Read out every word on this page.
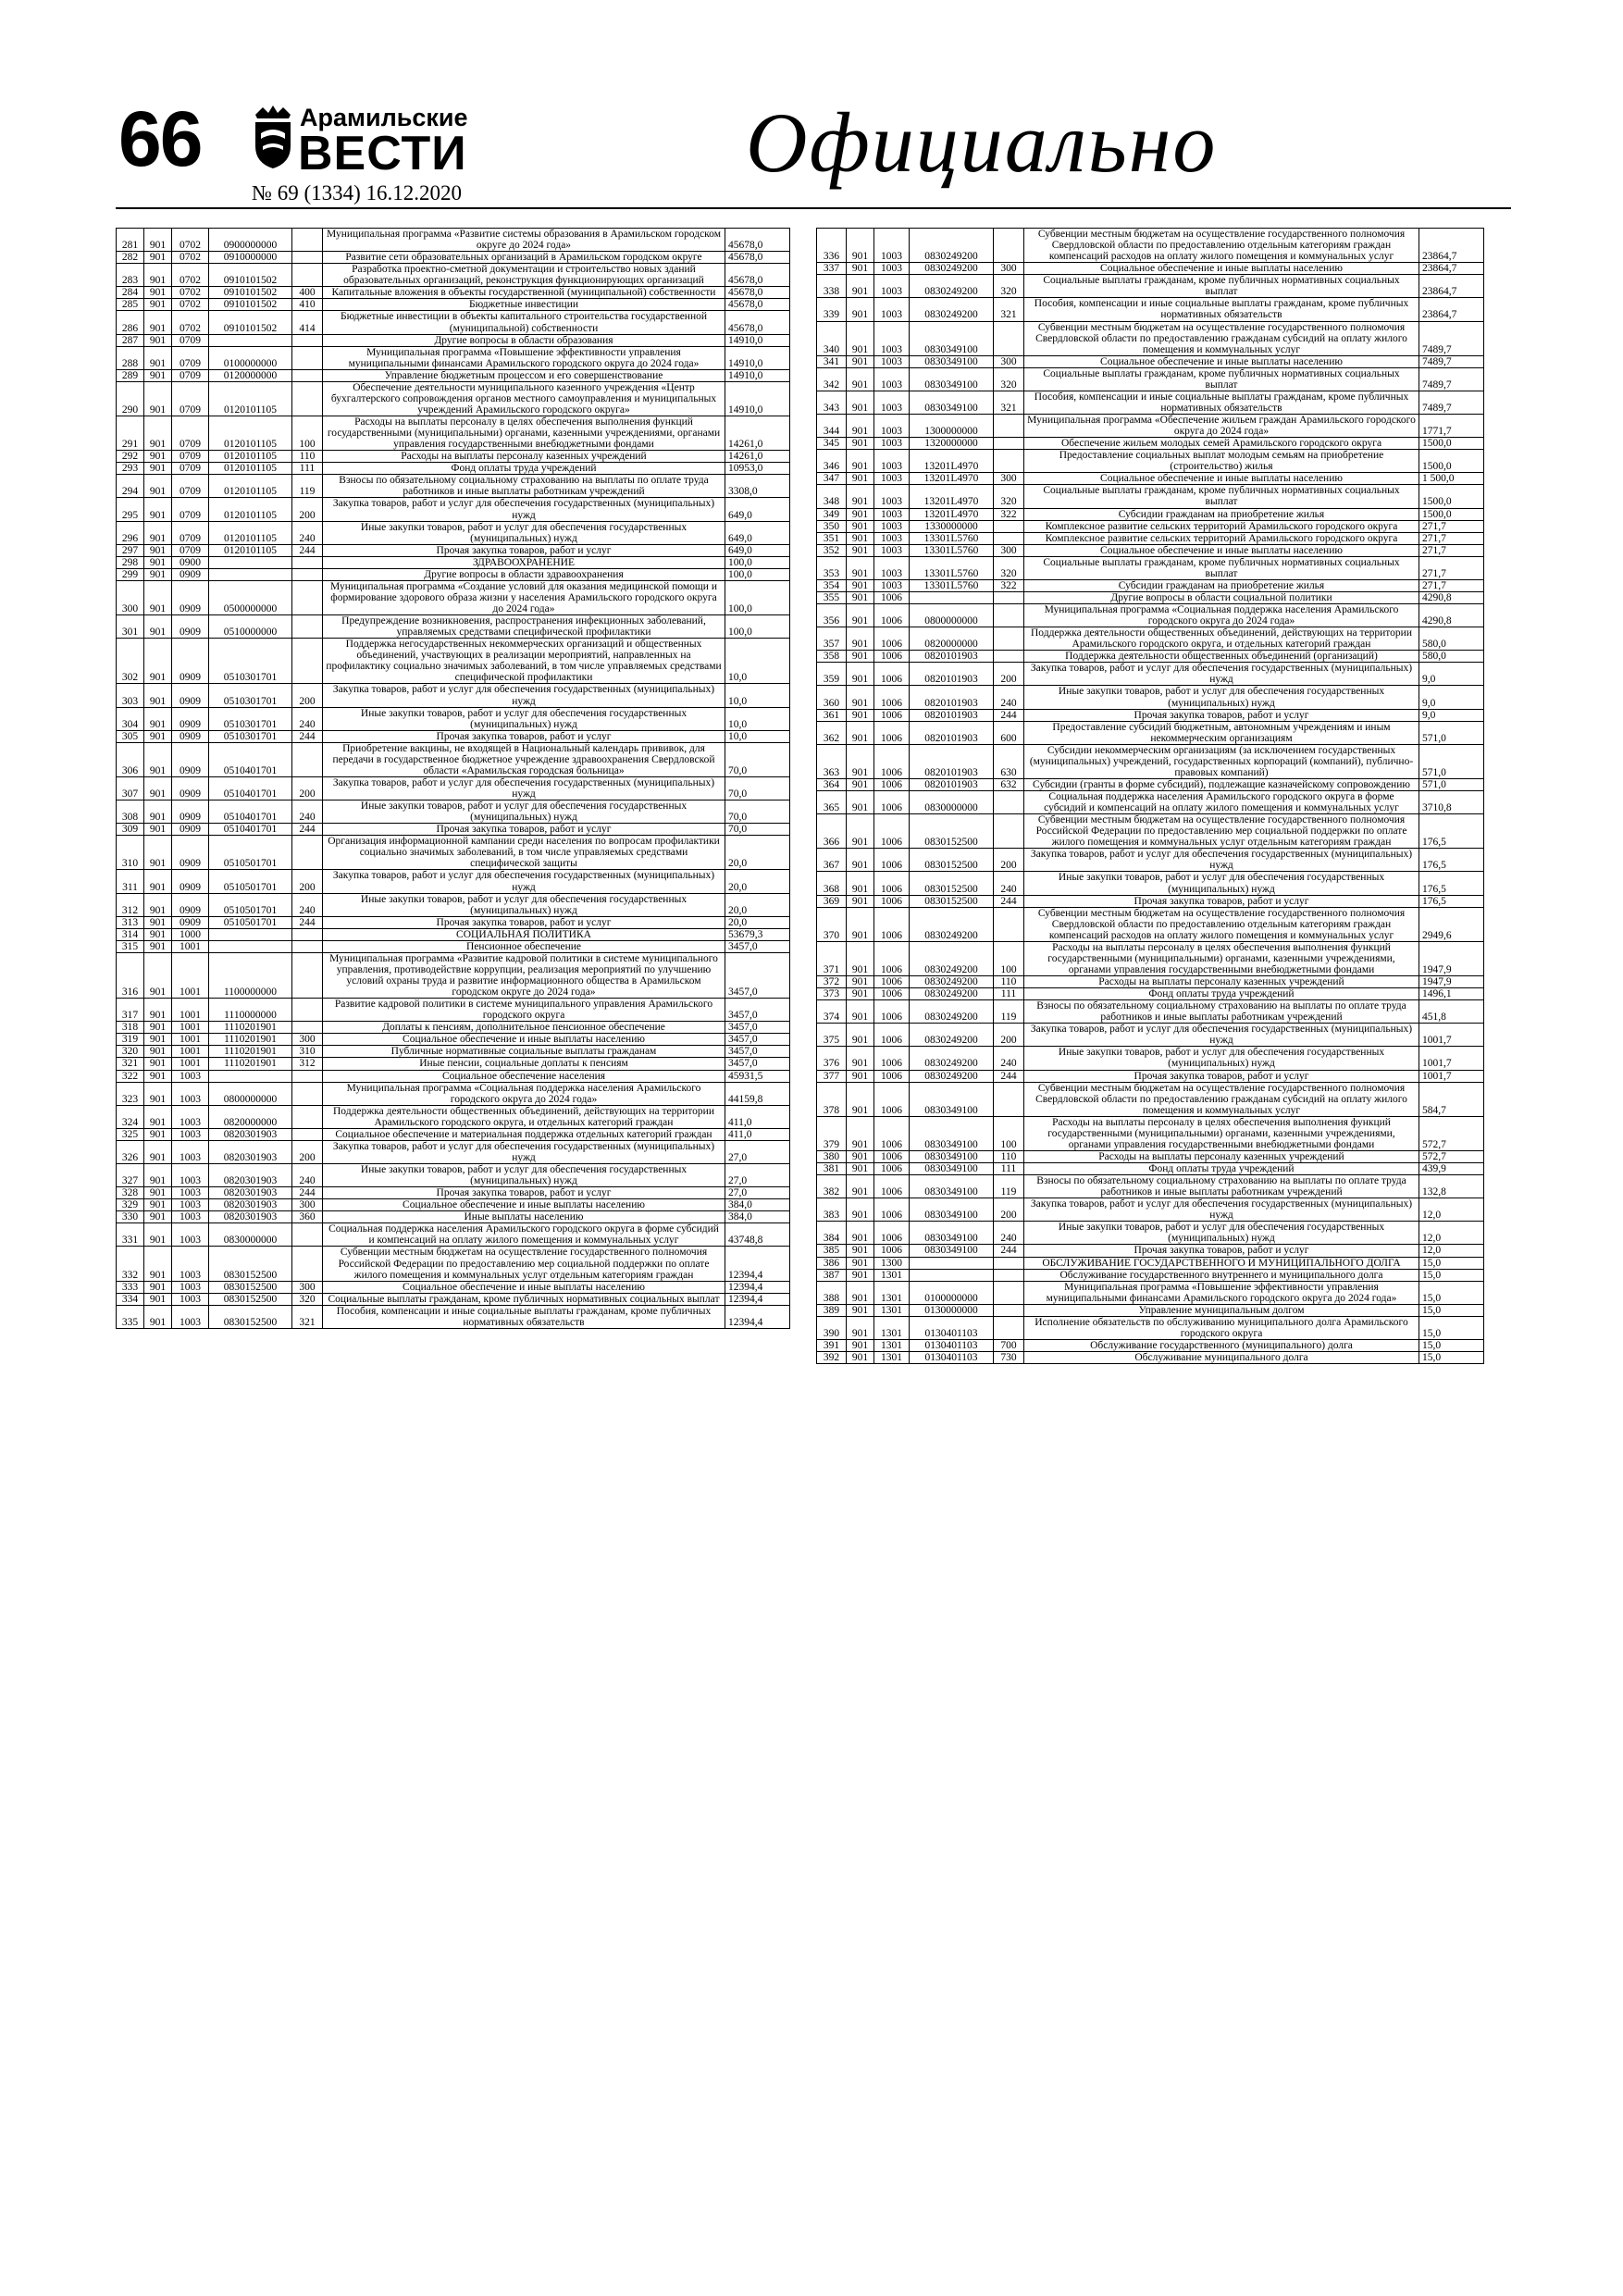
66	Арамильские
ВЕСТИ
№ 69 (1334) 16.12.2020
Официально
281	901	0702	0900000000		Муниципальная программа «Развитие системы образования в Арамильском городском округе до 2024 года»	45678,0
282	901	0702	0910000000		Развитие сети образовательных организаций в Арамильском городском округе	45678,0
283	901	0702	0910101502		Разработка проектно-сметной документации и строительство новых зданий образовательных организаций, реконструкция функционирующих организаций	45678,0
284	901	0702	0910101502	400	Капитальные вложения в объекты государственной (муниципальной) собственности	45678,0
285	901	0702	0910101502	410	Бюджетные инвестиции	45678,0
286	901	0702	0910101502	414	Бюджетные инвестиции в объекты капитального строительства государственной (муниципальной) собственности	45678,0
287	901	0709			Другие вопросы в области образования	14910,0
288	901	0709	0100000000		Муниципальная программа «Повышение эффективности управления муниципальными финансами Арамильского городского округа до 2024 года»	14910,0
289	901	0709	0120000000		Управление бюджетным процессом и его совершенствование	14910,0
290	901	0709	0120101105		Обеспечение деятельности муниципального казенного учреждения «Центр бухгалтерского сопровождения органов местного самоуправления и муниципальных учреждений Арамильского городского округа»	14910,0
291	901	0709	0120101105	100	Расходы на выплаты персоналу в целях обеспечения выполнения функций государственными (муниципальными) органами, казенными учреждениями, органами управления государственными внебюджетными фондами	14261,0
292	901	0709	0120101105	110	Расходы на выплаты персоналу казенных учреждений	14261,0
293	901	0709	0120101105	111	Фонд оплаты труда учреждений	10953,0
294	901	0709	0120101105	119	Взносы по обязательному социальному страхованию на выплаты по оплате труда работников и иные выплаты работникам учреждений	3308,0
295	901	0709	0120101105	200	Закупка товаров, работ и услуг для обеспечения государственных (муниципальных) нужд	649,0
296	901	0709	0120101105	240	Иные закупки товаров, работ и услуг для обеспечения государственных (муниципальных) нужд	649,0
297	901	0709	0120101105	244	Прочая закупка товаров, работ и услуг	649,0
298	901	0900			ЗДРАВООХРАНЕНИЕ	100,0
299	901	0909			Другие вопросы в области здравоохранения	100,0
300	901	0909	0500000000		Муниципальная программа «Создание условий для оказания медицинской помощи и формирование здорового образа жизни у населения Арамильского городского округа до 2024 года»	100,0
301	901	0909	0510000000		Предупреждение возникновения, распространения инфекционных заболеваний, управляемых средствами специфической профилактики	100,0
302	901	0909	0510301701		Поддержка негосударственных некоммерческих организаций и общественных объединений, участвующих в реализации мероприятий, направленных на профилактику социально значимых заболеваний, в том числе управляемых средствами специфической профилактики	10,0
303	901	0909	0510301701	200	Закупка товаров, работ и услуг для обеспечения государственных (муниципальных) нужд	10,0
304	901	0909	0510301701	240	Иные закупки товаров, работ и услуг для обеспечения государственных (муниципальных) нужд	10,0
305	901	0909	0510301701	244	Прочая закупка товаров, работ и услуг	10,0
306	901	0909	0510401701		Приобретение вакцины, не входящей в Национальный календарь прививок, для передачи в государственное бюджетное учреждение здравоохранения Свердловской области «Арамильская городская больница»	70,0
307	901	0909	0510401701	200	Закупка товаров, работ и услуг для обеспечения государственных (муниципальных) нужд	70,0
308	901	0909	0510401701	240	Иные закупки товаров, работ и услуг для обеспечения государственных (муниципальных) нужд	70,0
309	901	0909	0510401701	244	Прочая закупка товаров, работ и услуг	70,0
310	901	0909	0510501701		Организация информационной кампании среди населения по вопросам профилактики социально значимых заболеваний, в том числе управляемых средствами специфической защиты	20,0
311	901	0909	0510501701	200	Закупка товаров, работ и услуг для обеспечения государственных (муниципальных) нужд	20,0
312	901	0909	0510501701	240	Иные закупки товаров, работ и услуг для обеспечения государственных (муниципальных) нужд	20,0
313	901	0909	0510501701	244	Прочая закупка товаров, работ и услуг	20,0
314	901	1000			СОЦИАЛЬНАЯ ПОЛИТИКА	53679,3
315	901	1001			Пенсионное обеспечение	3457,0
316	901	1001	1100000000		Муниципальная программа «Развитие кадровой политики в системе муниципального управления, противодействие коррупции, реализация мероприятий по улучшению условий охраны труда и развитие информационного общества в Арамильском городском округе до 2024 года»	3457,0
317	901	1001	1110000000		Развитие кадровой политики в системе муниципального управления Арамильского городского округа	3457,0
318	901	1001	1110201901		Доплаты к пенсиям, дополнительное пенсионное обеспечение	3457,0
319	901	1001	1110201901	300	Социальное обеспечение и иные выплаты населению	3457,0
320	901	1001	1110201901	310	Публичные нормативные социальные выплаты гражданам	3457,0
321	901	1001	1110201901	312	Иные пенсии, социальные доплаты к пенсиям	3457,0
322	901	1003			Социальное обеспечение населения	45931,5
323	901	1003	0800000000		Муниципальная программа «Социальная поддержка населения Арамильского городского округа до 2024 года»	44159,8
324	901	1003	0820000000		Поддержка деятельности общественных объединений, действующих на территории Арамильского городского округа, и отдельных категорий граждан	411,0
325	901	1003	0820301903		Социальное обеспечение и материальная поддержка отдельных категорий граждан	411,0
326	901	1003	0820301903	200	Закупка товаров, работ и услуг для обеспечения государственных (муниципальных) нужд	27,0
327	901	1003	0820301903	240	Иные закупки товаров, работ и услуг для обеспечения государственных (муниципальных) нужд	27,0
328	901	1003	0820301903	244	Прочая закупка товаров, работ и услуг	27,0
329	901	1003	0820301903	300	Социальное обеспечение и иные выплаты населению	384,0
330	901	1003	0820301903	360	Иные выплаты населению	384,0
331	901	1003	0830000000		Социальная поддержка населения Арамильского городского округа в форме субсидий и компенсаций на оплату жилого помещения и коммунальных услуг	43748,8
332	901	1003	0830152500		Субвенции местным бюджетам на осуществление государственного полномочия Российской Федерации по предоставлению мер социальной поддержки по оплате жилого помещения и коммунальных услуг отдельным категориям граждан	12394,4
333	901	1003	0830152500	300	Социальное обеспечение и иные выплаты населению	12394,4
334	901	1003	0830152500	320	Социальные выплаты гражданам, кроме публичных нормативных социальных выплат	12394,4
335	901	1003	0830152500	321	Пособия, компенсации и иные социальные выплаты гражданам, кроме публичных нормативных обязательств	12394,4
336	901	1003	0830249200		Субвенции местным бюджетам на осуществление государственного полномочия Свердловской области по предоставлению отдельным категориям граждан компенсаций расходов на оплату жилого помещения и коммунальных услуг	23864,7
337	901	1003	0830249200	300	Социальное обеспечение и иные выплаты населению	23864,7
338	901	1003	0830249200	320	Социальные выплаты гражданам, кроме публичных нормативных социальных выплат	23864,7
339	901	1003	0830249200	321	Пособия, компенсации и иные социальные выплаты гражданам, кроме публичных нормативных обязательств	23864,7
340	901	1003	0830349100		Субвенции местным бюджетам на осуществление государственного полномочия Свердловской области по предоставлению гражданам субсидий на оплату жилого помещения и коммунальных услуг	7489,7
341	901	1003	0830349100	300	Социальное обеспечение и иные выплаты населению	7489,7
342	901	1003	0830349100	320	Социальные выплаты гражданам, кроме публичных нормативных социальных выплат	7489,7
343	901	1003	0830349100	321	Пособия, компенсации и иные социальные выплаты гражданам, кроме публичных нормативных обязательств	7489,7
344	901	1003	1300000000		Муниципальная программа «Обеспечение жильем граждан Арамильского городского округа до 2024 года»	1771,7
345	901	1003	1320000000		Обеспечение жильем молодых семей Арамильского городского округа	1500,0
346	901	1003	13201L4970		Предоставление социальных выплат молодым семьям на приобретение (строительство) жилья	1500,0
347	901	1003	13201L4970	300	Социальное обеспечение и иные выплаты населению	1 500,0
348	901	1003	13201L4970	320	Социальные выплаты гражданам, кроме публичных нормативных социальных выплат	1500,0
349	901	1003	13201L4970	322	Субсидии гражданам на приобретение жилья	1500,0
350	901	1003	1330000000		Комплексное развитие сельских территорий Арамильского городского округа	271,7
351	901	1003	13301L5760		Комплексное развитие сельских территорий Арамильского городского округа	271,7
352	901	1003	13301L5760	300	Социальное обеспечение и иные выплаты населению	271,7
353	901	1003	13301L5760	320	Социальные выплаты гражданам, кроме публичных нормативных социальных выплат	271,7
354	901	1003	13301L5760	322	Субсидии гражданам на приобретение жилья	271,7
355	901	1006			Другие вопросы в области социальной политики	4290,8
356	901	1006	0800000000		Муниципальная программа «Социальная поддержка населения Арамильского городского округа до 2024 года»	4290,8
357	901	1006	0820000000		Поддержка деятельности общественных объединений, действующих на территории Арамильского городского округа, и отдельных категорий граждан	580,0
358	901	1006	0820101903		Поддержка деятельности общественных объединений (организаций)	580,0
359	901	1006	0820101903	200	Закупка товаров, работ и услуг для обеспечения государственных (муниципальных) нужд	9,0
360	901	1006	0820101903	240	Иные закупки товаров, работ и услуг для обеспечения государственных (муниципальных) нужд	9,0
361	901	1006	0820101903	244	Прочая закупка товаров, работ и услуг	9,0
362	901	1006	0820101903	600	Предоставление субсидий бюджетным, автономным учреждениям и иным некоммерческим организациям	571,0
363	901	1006	0820101903	630	Субсидии некоммерческим организациям (за исключением государственных (муниципальных) учреждений, государственных корпораций (компаний), публично-правовых компаний)	571,0
364	901	1006	0820101903	632	Субсидии (гранты в форме субсидий), подлежащие казначейскому сопровождению	571,0
365	901	1006	0830000000		Социальная поддержка населения Арамильского городского округа в форме субсидий и компенсаций на оплату жилого помещения и коммунальных услуг	3710,8
366	901	1006	0830152500		Субвенции местным бюджетам на осуществление государственного полномочия Российской Федерации по предоставлению мер социальной поддержки по оплате жилого помещения и коммунальных услуг отдельным категориям граждан	176,5
367	901	1006	0830152500	200	Закупка товаров, работ и услуг для обеспечения государственных (муниципальных) нужд	176,5
368	901	1006	0830152500	240	Иные закупки товаров, работ и услуг для обеспечения государственных (муниципальных) нужд	176,5
369	901	1006	0830152500	244	Прочая закупка товаров, работ и услуг	176,5
370	901	1006	0830249200		Субвенции местным бюджетам на осуществление государственного полномочия Свердловской области по предоставлению отдельным категориям граждан компенсаций расходов на оплату жилого помещения и коммунальных услуг	2949,6
371	901	1006	0830249200	100	Расходы на выплаты персоналу в целях обеспечения выполнения функций государственными (муниципальными) органами, казенными учреждениями, органами управления государственными внебюджетными фондами	1947,9
372	901	1006	0830249200	110	Расходы на выплаты персоналу казенных учреждений	1947,9
373	901	1006	0830249200	111	Фонд оплаты труда учреждений	1496,1
374	901	1006	0830249200	119	Взносы по обязательному социальному страхованию на выплаты по оплате труда работников и иные выплаты работникам учреждений	451,8
375	901	1006	0830249200	200	Закупка товаров, работ и услуг для обеспечения государственных (муниципальных) нужд	1001,7
376	901	1006	0830249200	240	Иные закупки товаров, работ и услуг для обеспечения государственных (муниципальных) нужд	1001,7
377	901	1006	0830249200	244	Прочая закупка товаров, работ и услуг	1001,7
378	901	1006	0830349100		Субвенции местным бюджетам на осуществление государственного полномочия Свердловской области по предоставлению гражданам субсидий на оплату жилого помещения и коммунальных услуг	584,7
379	901	1006	0830349100	100	Расходы на выплаты персоналу в целях обеспечения выполнения функций государственными (муниципальными) органами, казенными учреждениями, органами управления государственными внебюджетными фондами	572,7
380	901	1006	0830349100	110	Расходы на выплаты персоналу казенных учреждений	572,7
381	901	1006	0830349100	111	Фонд оплаты труда учреждений	439,9
382	901	1006	0830349100	119	Взносы по обязательному социальному страхованию на выплаты по оплате труда работников и иные выплаты работникам учреждений	132,8
383	901	1006	0830349100	200	Закупка товаров, работ и услуг для обеспечения государственных (муниципальных) нужд	12,0
384	901	1006	0830349100	240	Иные закупки товаров, работ и услуг для обеспечения государственных (муниципальных) нужд	12,0
385	901	1006	0830349100	244	Прочая закупка товаров, работ и услуг	12,0
386	901	1300			ОБСЛУЖИВАНИЕ ГОСУДАРСТВЕННОГО И МУНИЦИПАЛЬНОГО ДОЛГА	15,0
387	901	1301			Обслуживание государственного внутреннего и муниципального долга	15,0
388	901	1301	0100000000		Муниципальная программа «Повышение эффективности управления муниципальными финансами Арамильского городского округа до 2024 года»	15,0
389	901	1301	0130000000		Управление муниципальным долгом	15,0
390	901	1301	0130401103		Исполнение обязательств по обслуживанию муниципального долга Арамильского городского округа	15,0
391	901	1301	0130401103	700	Обслуживание государственного (муниципального) долга	15,0
392	901	1301	0130401103	730	Обслуживание муниципального долга	15,0
